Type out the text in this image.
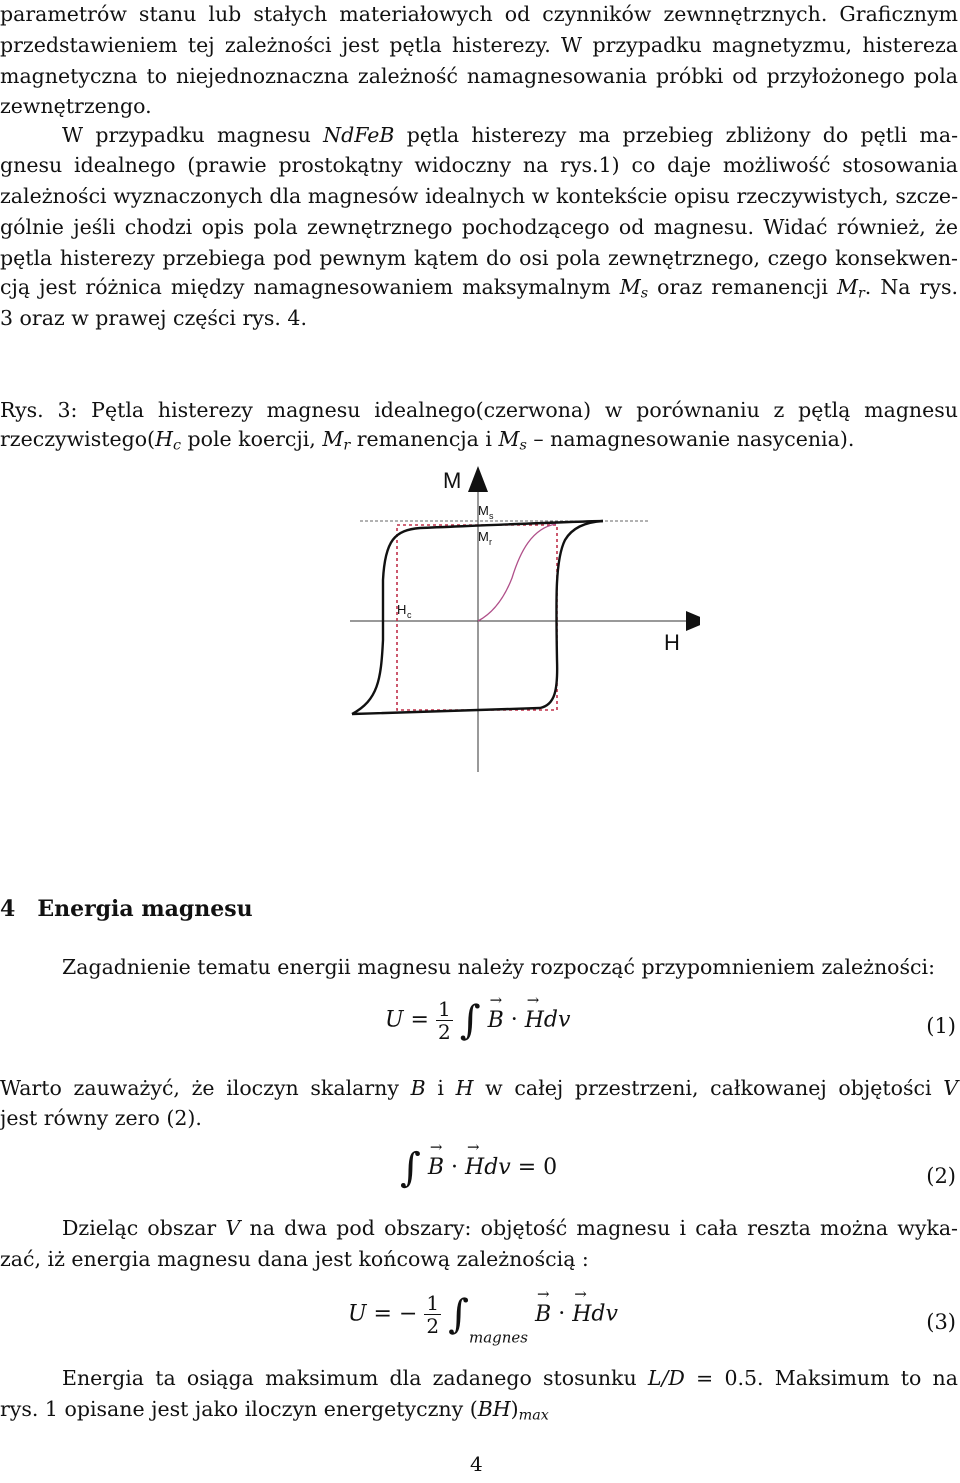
parametrów stanu lub stałych materiałowych od czynników zewnnętrznych. Graficznym
przedstawieniem tej zależności jest pętla histerezy. W przypadku magnetyzmu, histereza
magnetyczna to niejednoznaczna zależność namagnesowania próbki od przyłożonego pola
zewnętrzengo.
W przypadku magnesu NdFeB pętla histerezy ma przebieg zbliżony do pętli ma-
gnesu idealnego (prawie prostokątny widoczny na rys.1) co daje możliwość stosowania
zależności wyznaczonych dla magnesów idealnych w kontekście opisu rzeczywistych, szcze-
gólnie jeśli chodzi opis pola zewnętrznego pochodzącego od magnesu. Widać również, że
pętla histerezy przebiega pod pewnym kątem do osi pola zewnętrznego, czego konsekwen-
cją jest różnica między namagnesowaniem maksymalnym $M_s$ oraz remanencji $M_r$. Na rys.
3 oraz w prawej części rys. 4.
Rys. 3: Pętla histerezy magnesu idealnego(czerwona) w porównaniu z pętlą magnesu
$rzeczywistego(H_c$ pole koercji, $M_r$ remanencja i $M_s$ – namagnesowanie nasycenia).
M
H
M s
M r
H c
4 Energia magnesu
Zagadnienie tematu energii magnesu należy rozpocząć przypomnieniem zależności:
$U = \frac{1}{2}$ ∫ → B · → Hdv	(1)
Warto zauważyć, że iloczyn skalarny B i H w całej przestrzeni, całkowanej objętości V
jest równy zero (2).
∫ → B · → Hdv = 0	(2)
Dzieląc obszar V na dwa pod obszary: objętość magnesu i cała reszta można wyka-
zać, iż energia magnesu dana jest końcową zależnością :
U = − $\frac{1}{2} \int_{magnes} \to B$ · → Hdv	(3)
Energia ta osiąga maksimum dla zadanego stosunku L/D = 0.5. Maksimum to na
rys. 1 opisane jest jako iloczyn energetyczny $(BH)_{max}$
4
